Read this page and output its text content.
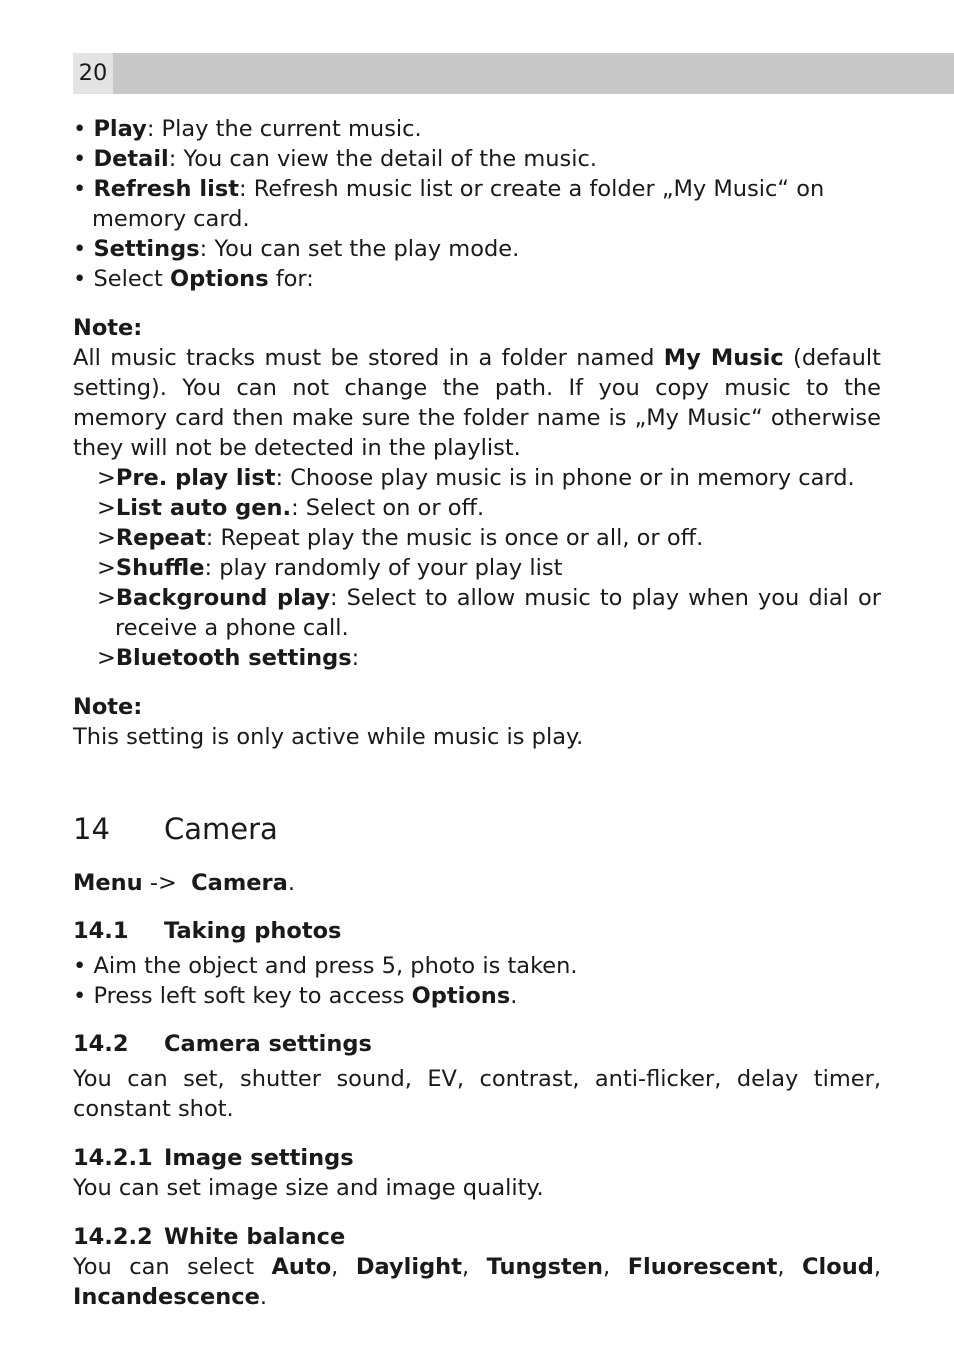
20

• Play: Play the current music.

• Detail: You can view the detail of the music.

• Refresh list: Refresh music list or create a folder „My Music“ on memory card.

• Settings: You can set the play mode.

• Select Options for:

Note:

All music tracks must be stored in a folder named My Music (default setting). You can not change the path. If you copy music to the memory card then make sure the folder name is „My Music“ otherwise they will not be detected in the playlist.

>Pre. play list: Choose play music is in phone or in memory card.

>List auto gen.: Select on or off.

>Repeat: Repeat play the music is once or all, or off.

>Shuffle: play randomly of your play list

>Background play: Select to allow music to play when you dial or receive a phone call.

>Bluetooth settings:

Note:

This setting is only active while music is play.

14 Camera

Menu ->  Camera.

14.1 Taking photos

• Aim the object and press 5, photo is taken.

• Press left soft key to access Options.

14.2 Camera settings

You can set, shutter sound, EV, contrast, anti-flicker, delay timer, constant shot.

14.2.1 Image settings

You can set image size and image quality.

14.2.2 White balance

You can select Auto, Daylight, Tungsten, Fluorescent, Cloud, Incandescence.
